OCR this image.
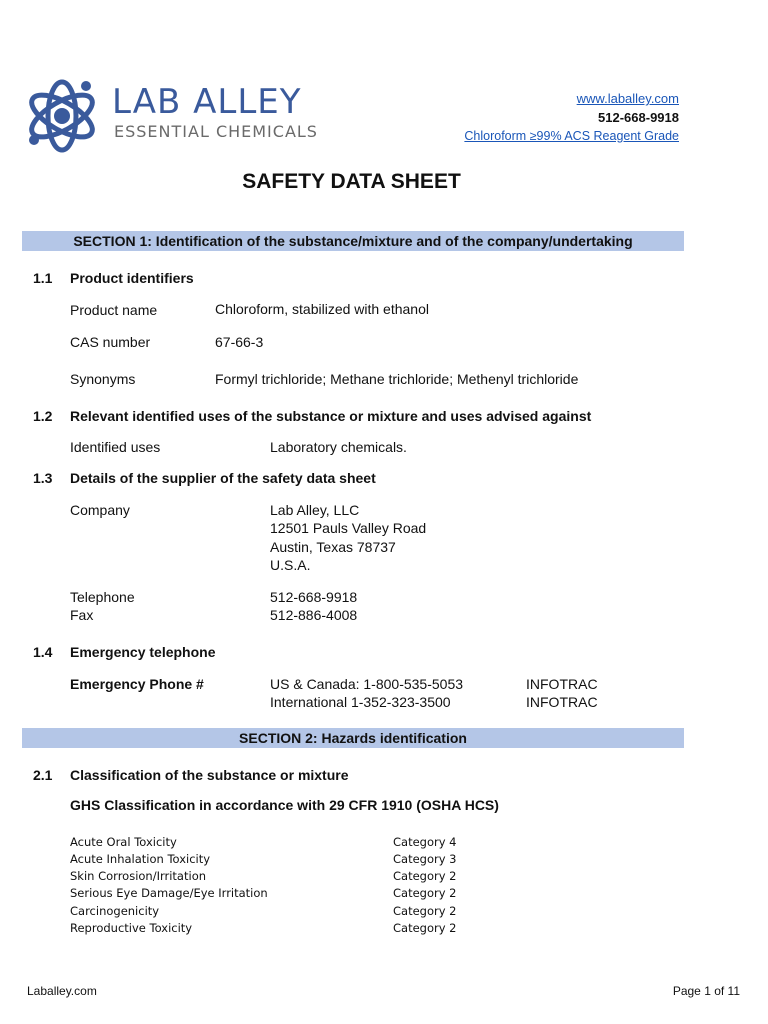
LAB ALLEY
ESSENTIAL CHEMICALS
www.laballey.com
512-668-9918
Chloroform ≥99% ACS Reagent Grade
SAFETY DATA SHEET
SECTION 1: Identification of the substance/mixture and of the company/undertaking
1.1 Product identifiers
Product name	Chloroform, stabilized with ethanol
CAS number	67-66-3
Synonyms	Formyl trichloride; Methane trichloride; Methenyl trichloride
1.2 Relevant identified uses of the substance or mixture and uses advised against
Identified uses	Laboratory chemicals.
1.3 Details of the supplier of the safety data sheet
Company	Lab Alley, LLC
12501 Pauls Valley Road
Austin, Texas 78737
U.S.A.
Telephone	512-668-9918
Fax	512-886-4008
1.4 Emergency telephone
Emergency Phone #	US & Canada: 1-800-535-5053	INFOTRAC
International 1-352-323-3500	INFOTRAC
SECTION 2: Hazards identification
2.1 Classification of the substance or mixture
GHS Classification in accordance with 29 CFR 1910 (OSHA HCS)
Acute Oral Toxicity	Category 4
Acute Inhalation Toxicity	Category 3
Skin Corrosion/Irritation	Category 2
Serious Eye Damage/Eye Irritation	Category 2
Carcinogenicity	Category 2
Reproductive Toxicity	Category 2
Laballey.com	Page 1 of 11
